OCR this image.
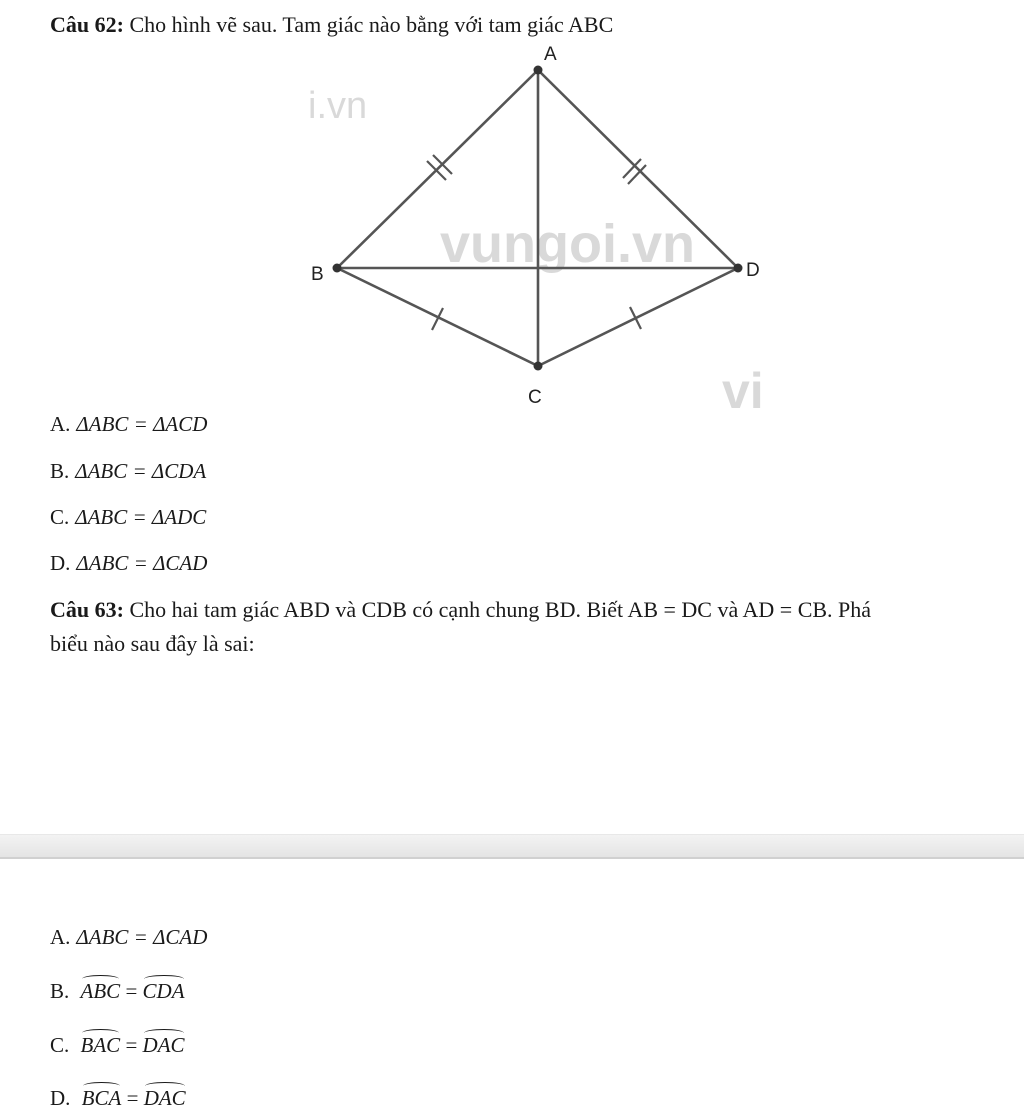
Câu 62: Cho hình vẽ sau. Tam giác nào bằng với tam giác ABC
i.vn
vungoi.vn
vi
A
B	D
C
A. ΔABC = ΔACD
B. ΔABC = ΔCDA
C. ΔABC = ΔADC
D. ΔABC = ΔCAD
Câu 63: Cho hai tam giác ABD và CDB có cạnh chung BD. Biết AB = DC và AD = CB. Phá
biểu nào sau đây là sai:
A. ΔABC = ΔCAD
B. ABC = CDA
C. BAC = DAC
D. BCA = DAC
